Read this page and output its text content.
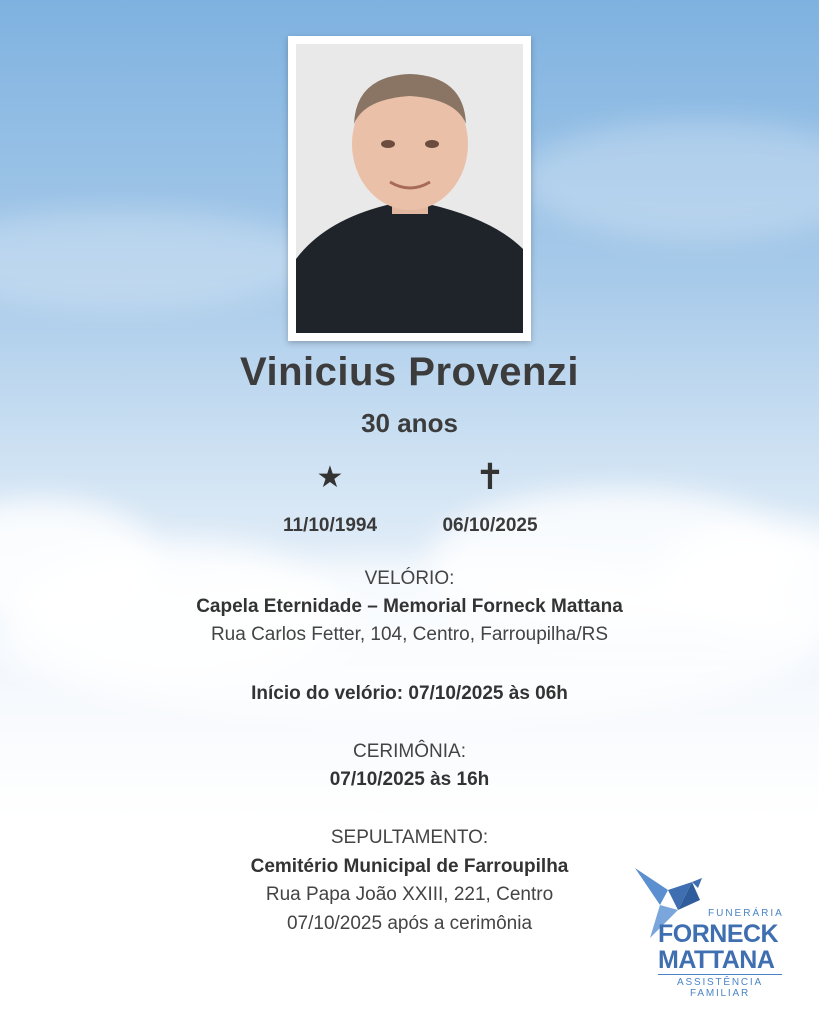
Vinicius Provenzi
30 anos
★	✝
11/10/1994	06/10/2025
VELÓRIO:
Capela Eternidade – Memorial Forneck Mattana
Rua Carlos Fetter, 104, Centro, Farroupilha/RS
Início do velório: 07/10/2025 às 06h
CERIMÔNIA:
07/10/2025 às 16h
SEPULTAMENTO:
Cemitério Municipal de Farroupilha
Rua Papa João XXIII, 221, Centro
07/10/2025 após a cerimônia	FUNERÁRIA
FORNECK
MATTANA
ASSISTÊNCIA FAMILIAR
